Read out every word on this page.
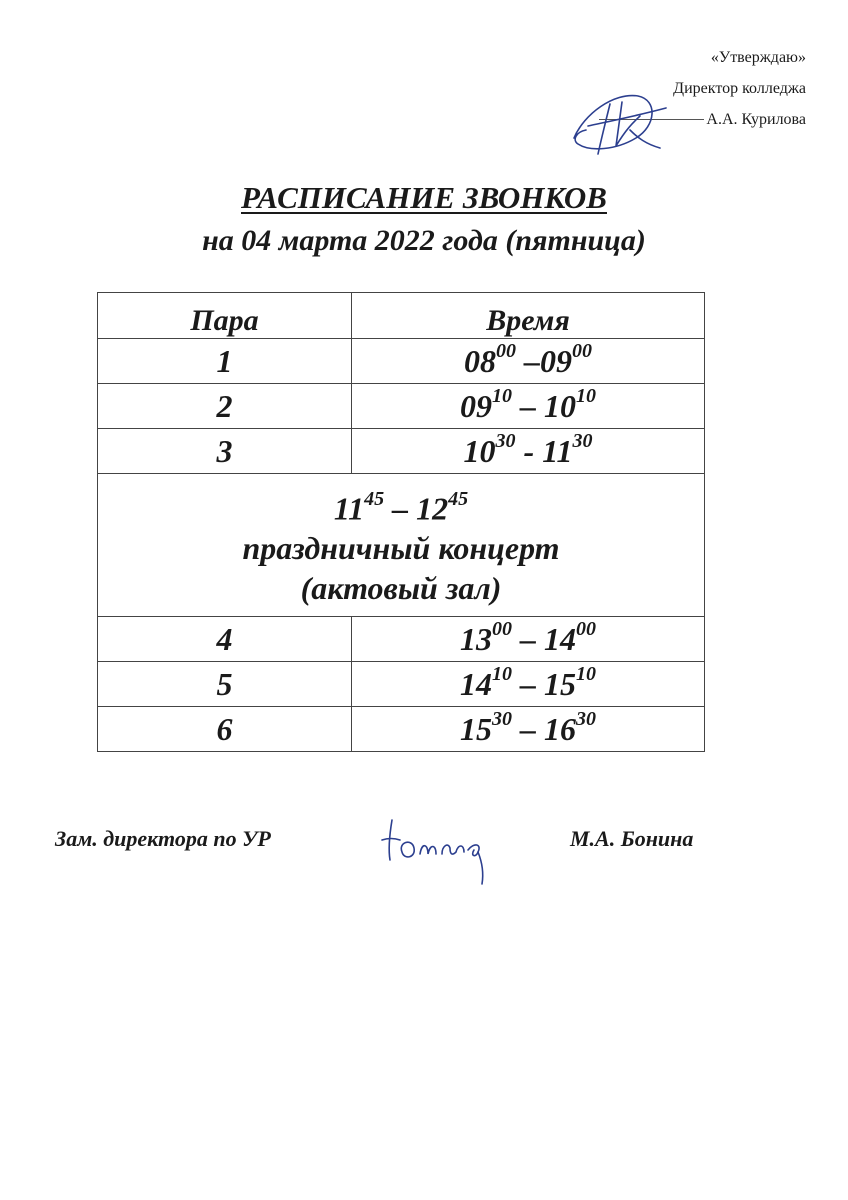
«Утверждаю»
Директор колледжа
А.А. Курилова
РАСПИСАНИЕ ЗВОНКОВ
на 04 марта 2022 года (пятница)
Пара	Время
1	$08^{00}$ $-09^{00}$
2	$09^{10} - 10^{10}$
3	$10^{30} - 11^{30}$

$11^{45} - 12^{45}$
праздничный концерт
(актовый зал)	

4	$13^{00} - 14^{00}$
5	$14^{10} - 15^{10}$
6	$15^{30} - 16^{30}$
Зам. директора по УР	М.А. Бонина
